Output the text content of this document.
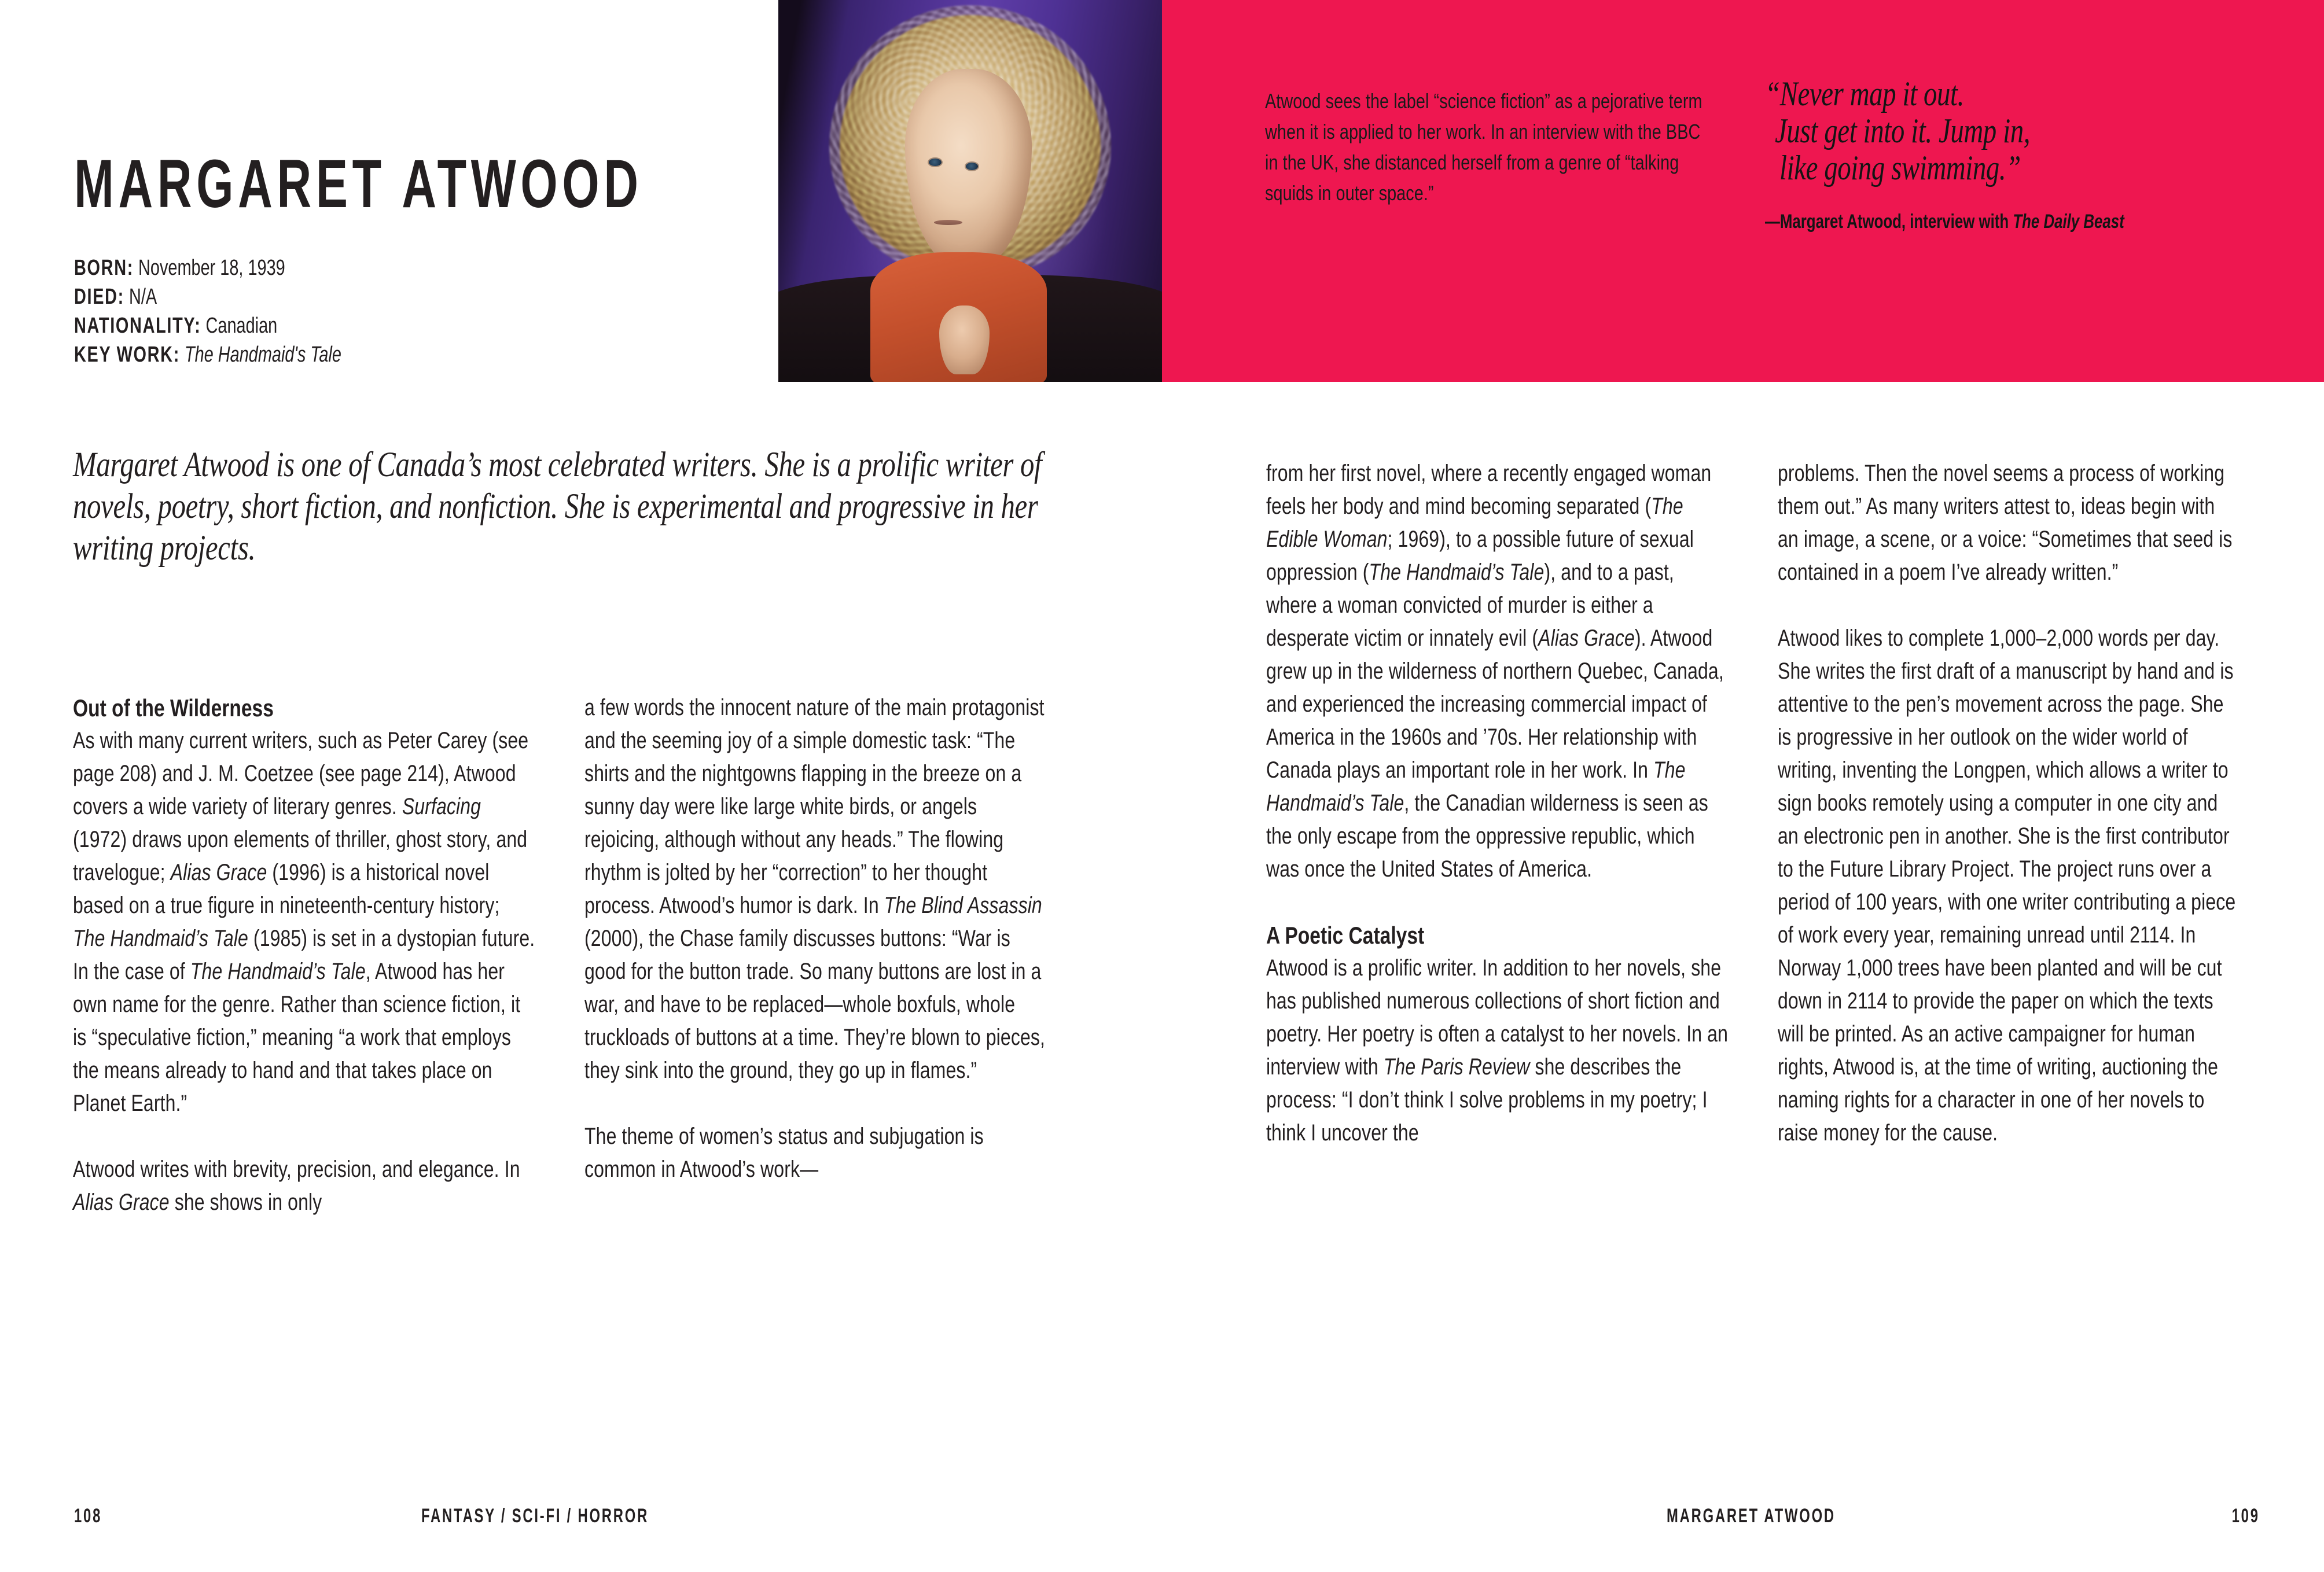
Atwood sees the label “science fiction” as a pejorative term when it is applied to her work. In an interview with the BBC in the UK, she distanced herself from a genre of “talking squids in outer space.”

“Never map it out.

Just get into it. Jump in,
like going swimming.”
—Margaret Atwood, interview with The Daily Beast
MARGARET ATWOOD
BORN: November 18, 1939
DIED: N/A
NATIONALITY: Canadian
KEY WORK: The Handmaid's Tale

Margaret Atwood is one of Canada’s most celebrated writers. She is a prolific writer of novels, poetry, short fiction, and nonfiction. She is experimental and progressive in her writing projects.

Out of the Wilderness

As with many current writers, such as Peter Carey (see page 208) and J. M. Coetzee (see page 214), Atwood covers a wide variety of literary genres. Surfacing (1972) draws upon elements of thriller, ghost story, and travelogue; Alias Grace (1996) is a historical novel based on a true figure in nineteenth-century history; The Handmaid’s Tale (1985) is set in a dystopian future. In the case of The Handmaid’s Tale, Atwood has her own name for the genre. Rather than science fiction, it is “speculative fiction,” meaning “a work that employs the means already to hand and that takes place on Planet Earth.”

Atwood writes with brevity, precision, and elegance. In Alias Grace she shows in only

a few words the innocent nature of the main protagonist and the seeming joy of a simple domestic task: “The shirts and the nightgowns flapping in the breeze on a sunny day were like large white birds, or angels rejoicing, although without any heads.” The flowing rhythm is jolted by her “correction” to her thought process. Atwood’s humor is dark. In The Blind Assassin (2000), the Chase family discusses buttons: “War is good for the button trade. So many buttons are lost in a war, and have to be replaced—whole boxfuls, whole truckloads of buttons at a time. They’re blown to pieces, they sink into the ground, they go up in flames.”

The theme of women’s status and subjugation is common in Atwood’s work—

from her first novel, where a recently engaged woman feels her body and mind becoming separated (The Edible Woman; 1969), to a possible future of sexual oppression (The Handmaid’s Tale), and to a past, where a woman convicted of murder is either a desperate victim or innately evil (Alias Grace). Atwood grew up in the wilderness of northern Quebec, Canada, and experienced the increasing commercial impact of America in the 1960s and ’70s. Her relationship with Canada plays an important role in her work. In The Handmaid’s Tale, the Canadian wilderness is seen as the only escape from the oppressive republic, which was once the United States of America.

A Poetic Catalyst

Atwood is a prolific writer. In addition to her novels, she has published numerous collections of short fiction and poetry. Her poetry is often a catalyst to her novels. In an interview with The Paris Review she describes the process: “I don’t think I solve problems in my poetry; I think I uncover the

problems. Then the novel seems a process of working them out.” As many writers attest to, ideas begin with an image, a scene, or a voice: “Sometimes that seed is contained in a poem I’ve already written.”

Atwood likes to complete 1,000–2,000 words per day. She writes the first draft of a manuscript by hand and is attentive to the pen’s movement across the page. She is progressive in her outlook on the wider world of writing, inventing the Longpen, which allows a writer to sign books remotely using a computer in one city and an electronic pen in another. She is the first contributor to the Future Library Project. The project runs over a period of 100 years, with one writer contributing a piece of work every year, remaining unread until 2114. In Norway 1,000 trees have been planted and will be cut down in 2114 to provide the paper on which the texts will be printed. As an active campaigner for human rights, Atwood is, at the time of writing, auctioning the naming rights for a character in one of her novels to raise money for the cause.

108	FANTASY / SCI-FI / HORROR	MARGARET ATWOOD	109
